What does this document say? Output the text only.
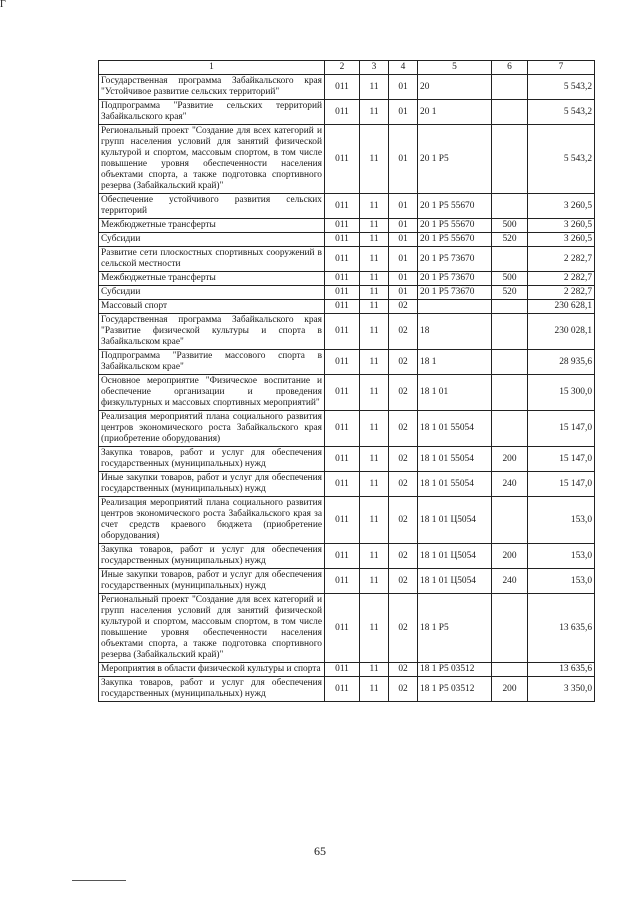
Г
1	2	3	4	5	6	7
Государственная программа Забайкальского края "Устойчивое развитие сельских территорий"	011	11	01	20		5 543,2
Подпрограмма "Развитие сельских территорий Забайкальского края"	011	11	01	20 1		5 543,2
Региональный проект "Создание для всех категорий и групп населения условий для занятий физической культурой и спортом, массовым спортом, в том числе повышение уровня обеспеченности населения объектами спорта, а также подготовка спортивного резерва (Забайкальский край)"	011	11	01	20 1 P5		5 543,2
Обеспечение устойчивого развития сельских территорий	011	11	01	20 1 P5 55670		3 260,5
Межбюджетные трансферты	011	11	01	20 1 P5 55670	500	3 260,5
Субсидии	011	11	01	20 1 P5 55670	520	3 260,5
Развитие сети плоскостных спортивных сооружений в сельской местности	011	11	01	20 1 P5 73670		2 282,7
Межбюджетные трансферты	011	11	01	20 1 P5 73670	500	2 282,7
Субсидии	011	11	01	20 1 P5 73670	520	2 282,7
Массовый спорт	011	11	02			230 628,1
Государственная программа Забайкальского края "Развитие физической культуры и спорта в Забайкальском крае"	011	11	02	18		230 028,1
Подпрограмма "Развитие массового спорта в Забайкальском крае"	011	11	02	18 1		28 935,6
Основное мероприятие "Физическое воспитание и обеспечение организации и проведения физкультурных и массовых спортивных мероприятий"	011	11	02	18 1 01		15 300,0
Реализация мероприятий плана социального развития центров экономического роста Забайкальского края (приобретение оборудования)	011	11	02	18 1 01 55054		15 147,0
Закупка товаров, работ и услуг для обеспечения государственных (муниципальных) нужд	011	11	02	18 1 01 55054	200	15 147,0
Иные закупки товаров, работ и услуг для обеспечения государственных (муниципальных) нужд	011	11	02	18 1 01 55054	240	15 147,0
Реализация мероприятий плана социального развития центров экономического роста Забайкальского края за счет средств краевого бюджета (приобретение оборудования)	011	11	02	18 1 01 Ц5054		153,0
Закупка товаров, работ и услуг для обеспечения государственных (муниципальных) нужд	011	11	02	18 1 01 Ц5054	200	153,0
Иные закупки товаров, работ и услуг для обеспечения государственных (муниципальных) нужд	011	11	02	18 1 01 Ц5054	240	153,0
Региональный проект "Создание для всех категорий и групп населения условий для занятий физической культурой и спортом, массовым спортом, в том числе повышение уровня обеспеченности населения объектами спорта, а также подготовка спортивного резерва (Забайкальский край)"	011	11	02	18 1 P5		13 635,6
Мероприятия в области физической культуры и спорта	011	11	02	18 1 P5 03512		13 635,6
Закупка товаров, работ и услуг для обеспечения государственных (муниципальных) нужд	011	11	02	18 1 P5 03512	200	3 350,0
65
